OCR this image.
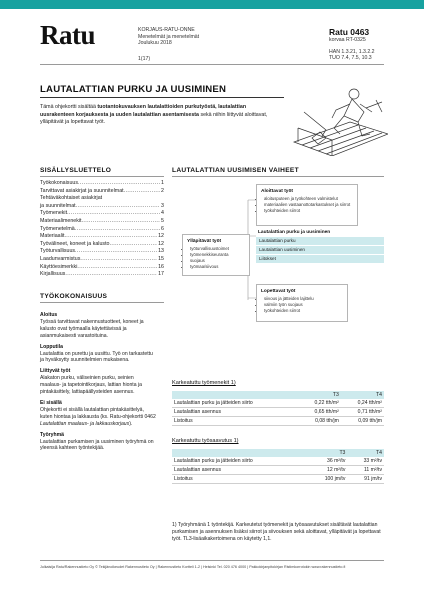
Ratu	KORJAUS-RATU-ONNE
Menetelmät ja menetelmät
Joulukuu 2018
1(17)
Ratu 0463
korvaa RT-0325
HAN 1.3.21, 1.3.2.2
TUO 7.4, 7.5, 10.3
LAUTALATTIAN PURKU JA UUSIMINEN
Tämä ohjekortti sisältää tuotantokuvauksen lautalattioiden purkutyöstä, lautalattian uusrakenteen korjauksesta ja uuden lautalattian asentamisesta sekä niihin liittyvät aloittavat, ylläpitävät ja lopettavat työt.
SISÄLLYSLUETTELO
Työkokonaisuus .....	1
Tarvittavat asiakirjat ja suunnitelmat .....	2
Tehtäväkohtaiset asiakirjat
ja suunnitelmat .....	3
Työmenekit .....	4
Materiaalimenekit .....	5
Työmenetelmä .....	6
Materiaalit .....	12
Työvälineet, koneet ja kalusto .....	12
Työturvallisuus .....	13
Laadunvarmistus .....	15
Käyttöesimerkki .....	16
Kirjallisuus .....	17
TYÖKOKONAISUUS
Aloitus
Työssä tarvittavat nakennustuotteet, koneet ja kalusto ovat työmaalla käytettävissä ja asianmukaisesti varastoituina.
Lopputila
Lautalattia on purettu ja uusittu. Työ on tarkastettu ja hyväksytty suunnitelmien mukaisena.
Liittyvät työt
Alakaton purku, väliseinien purku, seinien maalaus- ja tapetointikorjaus, lattian hionta ja pintakäsittely, lattiapäällysteiden asennus.
Ei sisällä
Ohjekortti ei sisällä lautalattian pintakäsittelyä, kuten hiontaa ja lakkausta (ks. Ratu-ohjekortti 0462 Lautalattian maalaus- ja lakkauskorjaus).
Työryhmä
Lautalattian purkamisen ja uusiminen työryhmä on yleensä kahteen työntekijää.
LAUTALATTIAN UUSIMISEN VAIHEET
Aloittavat työt
• aloitusputeen ja työkohteen valmistelut
• materiaalien vastaanottotarkastukset ja siirrot
• työkohteiden siirrot
Ylläpitävät työt
• työturvallisuustoimet
• työmenekkiseuranta
• suojaus
• työmaa/siivous
Lautalattian purku ja uusiminen
Lautalattian purku
Lautalattian uusiminen
Liitokset
Lopettavat työt
• siivous ja jätteiden lajittelu
• valmiin työn suojaus
• työkohteiden siirrot
Karkeatuttu työmenekit 1)
	T3	T4
Lautalattian purku ja jätteiden siirto	0,22 tth/m²	0,24 tth/m²
Lautalattian asennus	0,65 tth/m²	0,71 tth/m²
Listoitus	0,08 tth/jm	0,09 tth/jm
Karkeatuttu työsaavutus 1)
	T3	T4
Lautalattian purku ja jätteiden siirto	36 m²/tv	33 m²/tv
Lautalattian asennus	12 m²/tv	11 m²/tv
Listoitus	100 jm/tv	91 jm/tv
1) Työryhmänä 1 työntekijä. Karkeutetut työmenekit ja työsaavutukset sisältävät lautalattian purkamisen ja asennuksen lisäksi siirrot ja siivouksen sekä aloittavat, ylläpitävät ja lopettavat työt. TL3-lisäaikakertoimena on käytetty 1,1.
Julkaisija Ratu/Rakennustieto Oy © Tekijänoikeudet Rakennustieto Oy | Rakennustieto Kortteli 1-2 | Helsinki Tel. 020 476 4000 | Pakkokirjanpitokirjan Ristimkorrotokin www.rakennustieto.fi
